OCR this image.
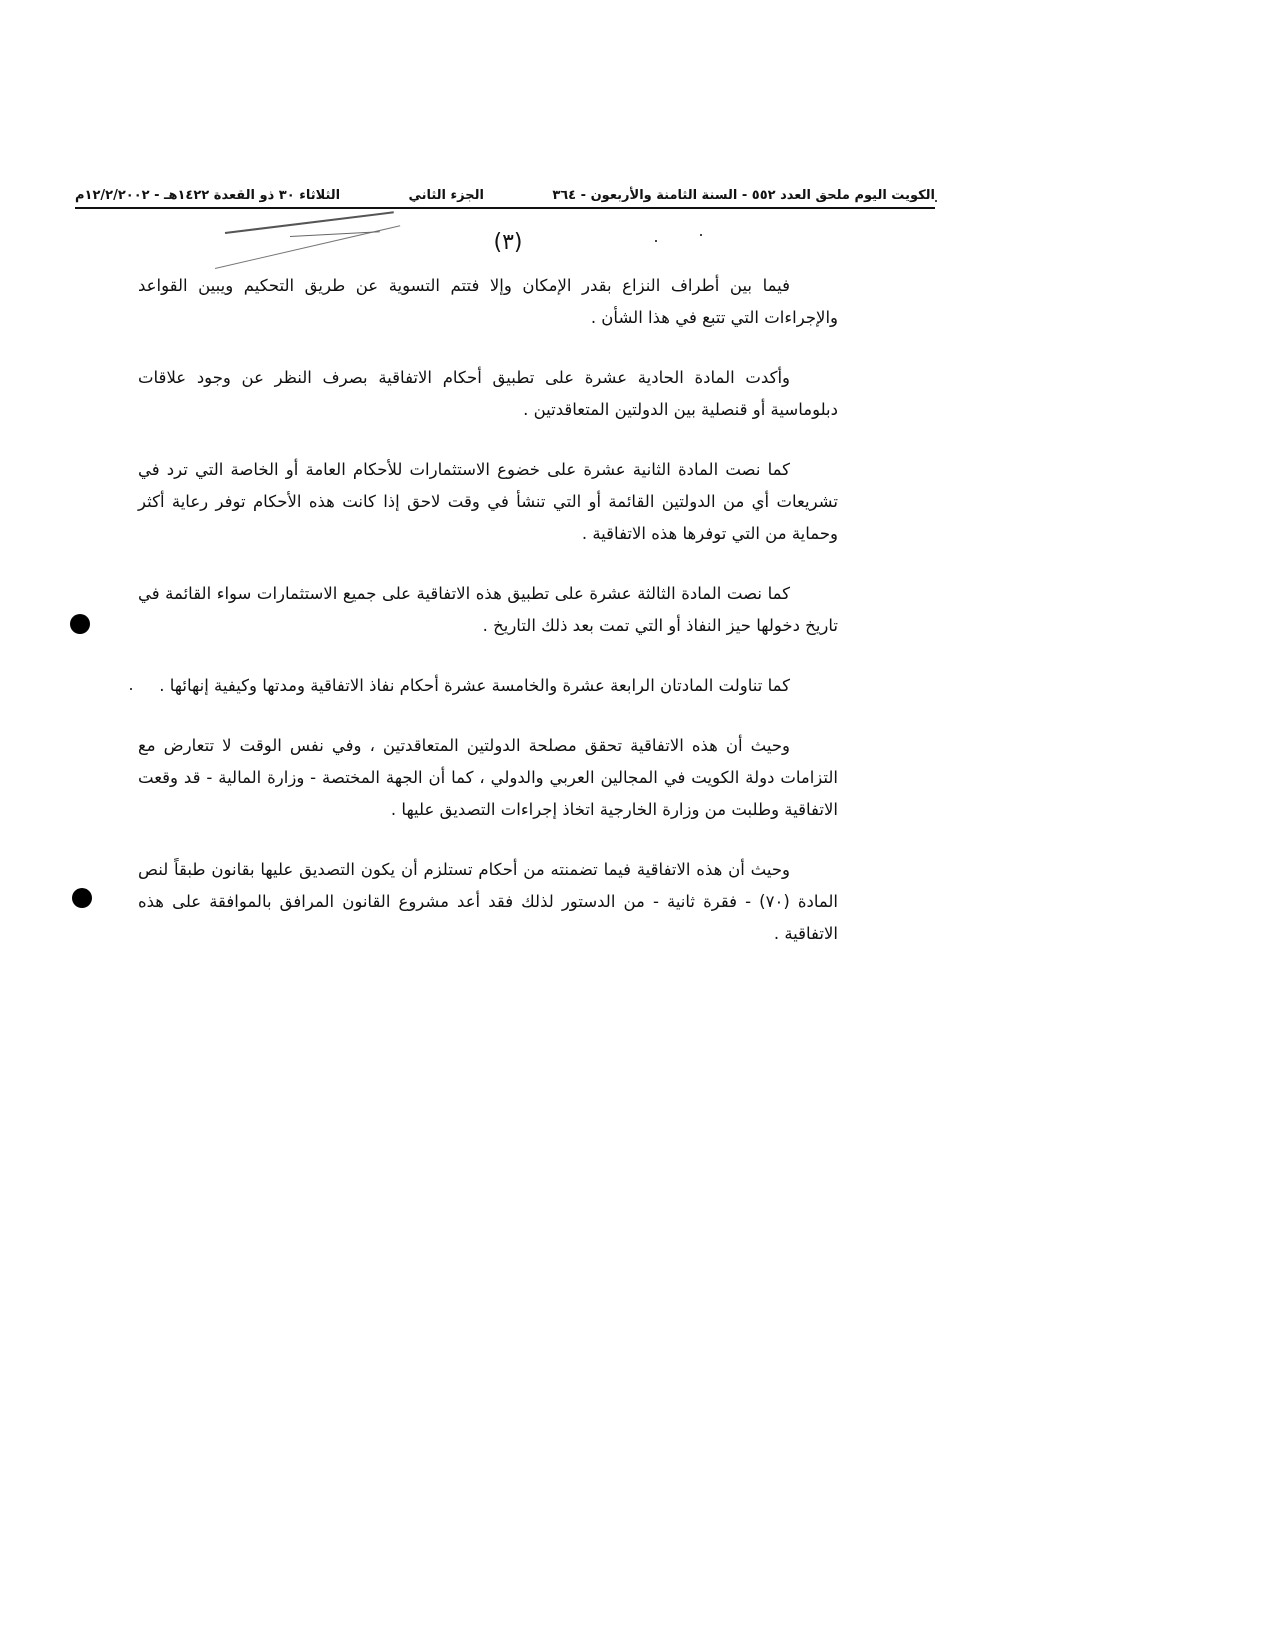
الكويت اليوم ملحق العدد ٥٥٢ - السنة الثامنة والأربعون - ٣٦٤
الجزء الثاني
الثلاثاء ٣٠ ذو القعدة ١٤٢٢هـ - ١٢/٢/٢٠٠٢م
(٣)

فيما بين أطراف النزاع بقدر الإمكان وإلا فتتم التسوية عن طريق التحكيم ويبين القواعد والإجراءات التي تتبع في هذا الشأن .

وأكدت المادة الحادية عشرة على تطبيق أحكام الاتفاقية بصرف النظر عن وجود علاقات دبلوماسية أو قنصلية بين الدولتين المتعاقدتين .

كما نصت المادة الثانية عشرة على خضوع الاستثمارات للأحكام العامة أو الخاصة التي ترد في تشريعات أي من الدولتين القائمة أو التي تنشأ في وقت لاحق إذا كانت هذه الأحكام توفر رعاية أكثر وحماية من التي توفرها هذه الاتفاقية .

كما نصت المادة الثالثة عشرة على تطبيق هذه الاتفاقية على جميع الاستثمارات سواء القائمة في تاريخ دخولها حيز النفاذ أو التي تمت بعد ذلك التاريخ .

كما تناولت المادتان الرابعة عشرة والخامسة عشرة أحكام نفاذ الاتفاقية ومدتها وكيفية إنهائها .

وحيث أن هذه الاتفاقية تحقق مصلحة الدولتين المتعاقدتين ، وفي نفس الوقت لا تتعارض مع التزامات دولة الكويت في المجالين العربي والدولي ، كما أن الجهة المختصة - وزارة المالية - قد وقعت الاتفاقية وطلبت من وزارة الخارجية اتخاذ إجراءات التصديق عليها .

وحيث أن هذه الاتفاقية فيما تضمنته من أحكام تستلزم أن يكون التصديق عليها بقانون طبقاً لنص المادة (٧٠) - فقرة ثانية - من الدستور لذلك فقد أعد مشروع القانون المرافق بالموافقة على هذه الاتفاقية .
